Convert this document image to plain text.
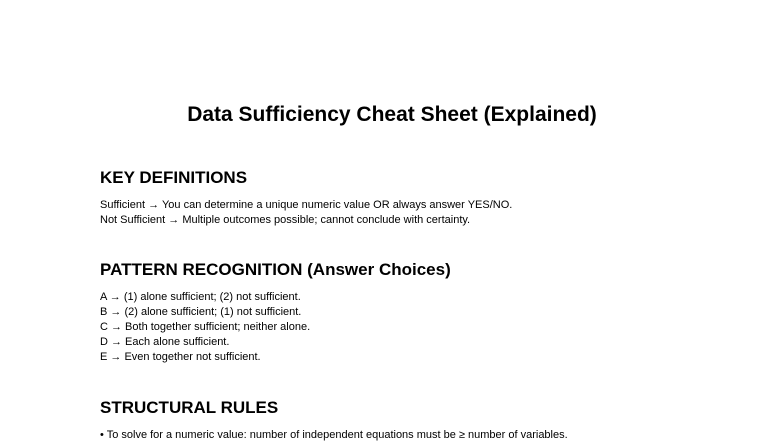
Data Sufficiency Cheat Sheet (Explained)
KEY DEFINITIONS
Sufficient → You can determine a unique numeric value OR always answer YES/NO.
Not Sufficient → Multiple outcomes possible; cannot conclude with certainty.
PATTERN RECOGNITION (Answer Choices)
A → (1) alone sufficient; (2) not sufficient.
B → (2) alone sufficient; (1) not sufficient.
C → Both together sufficient; neither alone.
D → Each alone sufficient.
E → Even together not sufficient.
STRUCTURAL RULES
• To solve for a numeric value: number of independent equations must be ≥ number of variables.
